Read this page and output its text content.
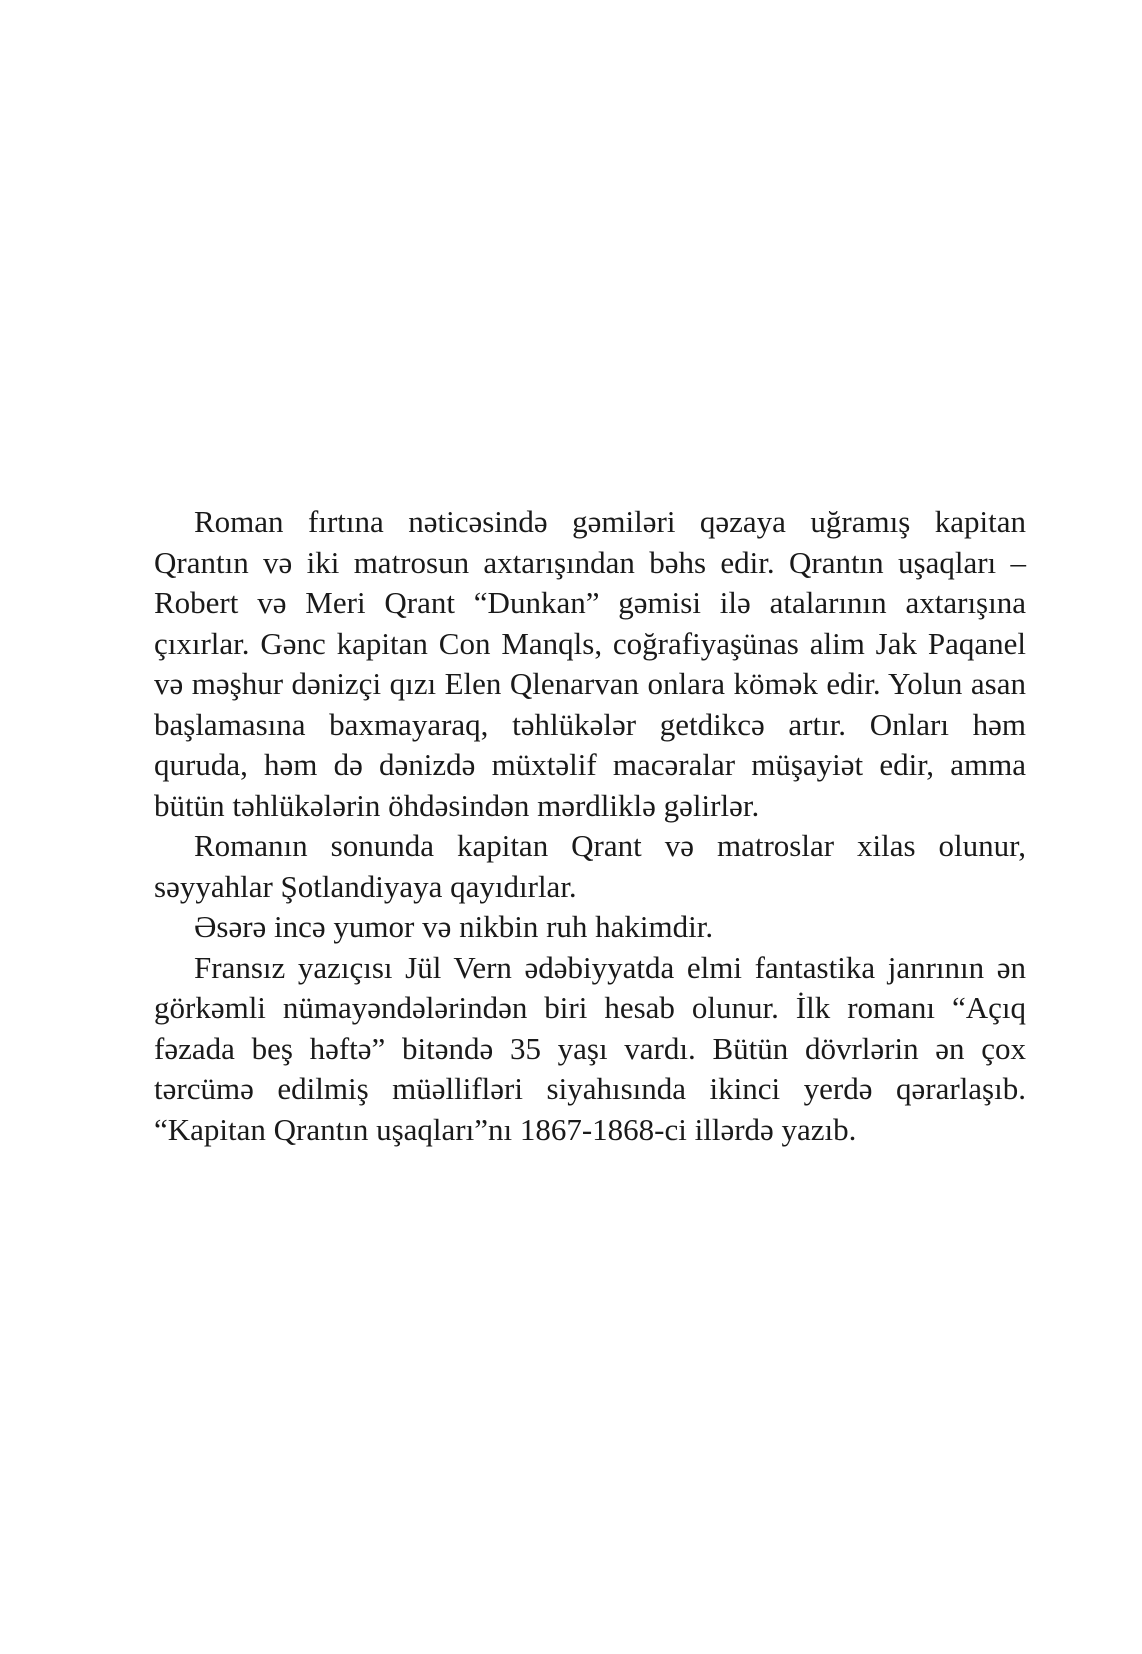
Roman fırtına nəticəsində gəmiləri qəzaya uğramış kapitan Qrantın və iki matrosun axtarışından bəhs edir. Qrantın uşaqları – Robert və Meri Qrant “Dunkan” gəmisi ilə atalarının axtarışına çıxırlar. Gənc kapitan Con Manqls, coğrafiyaşünas alim Jak Paqanel və məşhur dənizçi qızı Elen Qlenarvan onlara kömək edir. Yolun asan başlamasına baxmayaraq, təhlükələr getdikcə artır. Onları həm quruda, həm də dənizdə müxtəlif macəralar müşayiət edir, amma bütün təhlükələrin öhdəsindən mərdliklə gəlirlər.

Romanın sonunda kapitan Qrant və matroslar xilas olunur, səyyahlar Şotlandiyaya qayıdırlar.

Əsərə incə yumor və nikbin ruh hakimdir.

Fransız yazıçısı Jül Vern ədəbiyyatda elmi fantastika janrının ən görkəmli nümayəndələrindən biri hesab olunur. İlk romanı “Açıq fəzada beş həftə” bitəndə 35 yaşı vardı. Bütün dövrlərin ən çox tərcümə edilmiş müəllifləri siyahısında ikinci yerdə qərarlaşıb. “Kapitan Qrantın uşaqları”nı 1867-1868-ci illərdə yazıb.
